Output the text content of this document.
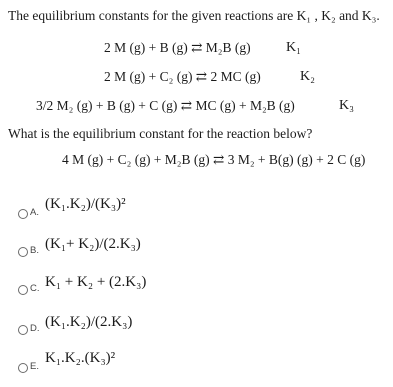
The equilibrium constants for the given reactions are K₁ , K₂ and K₃.
2 M (g) + B (g) ⇄ M₂B (g)	K₁
2 M (g) + C₂ (g) ⇄ 2 MC (g)	K₂
3/2 M₂ (g) + B (g) + C (g) ⇄ MC (g) + M₂B (g)	K₃
What is the equilibrium constant for the reaction below?
4 M (g) + C₂ (g) + M₂B (g) ⇄ 3 M₂ + B(g) (g) + 2 C (g)
A.
(K₁.K₂)/(K₃)²
B. (K₁+ K₂)/(2.K₃)
C. K₁ + K₂ + (2.K₃)
D. (K₁.K₂)/(2.K₃)
E.
K₁.K₂.(K₃)²
